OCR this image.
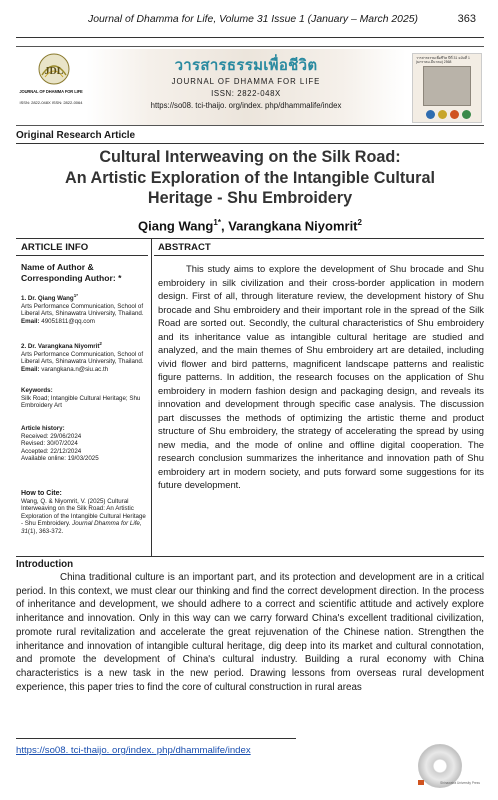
Journal of Dhamma for Life, Volume 31 Issue 1 (January – March 2025)	363
JDL
JOURNAL OF DHAMMA FOR LIFE
ISSN: 2822-048X ISSN: 2822-0064
วารสารธรรมเพื่อชีวิต
JOURNAL OF DHAMMA FOR LIFE
ISSN: 2822-048X
https://so08. tci-thaijo. org/index. php/dhammalife/index
วารสารธรรมเพื่อชีวิต ปีที่ 31 ฉบับที่ 1 (มกราคม-มีนาคม) 2568
Original Research Article
Cultural Interweaving on the Silk Road:
An Artistic Exploration of the Intangible Cultural
Heritage - Shu Embroidery
Qiang Wang$^{1*}$, Varangkana Niyomrit$^2$
ARTICLE INFO	ABSTRACT
Name of Author & Corresponding Author: *
1. Dr. Qiang Wang$^{1*}$
Arts Performance Communication, School of Liberal Arts, Shinawatra University, Thailand.
Email: 49051811@qq.com
2. Dr. Varangkana Niyomrit$^2$
Arts Performance Communication, School of Liberal Arts, Shinawatra University, Thailand.
Email: varangkana.n@siu.ac.th
Keywords:
Silk Road; Intangible Cultural Heritage; Shu Embroidery Art
Article history:
Received: 29/06/2024
Revised: 30/07/2024
Accepted: 22/12/2024
Available online: 19/03/2025
How to Cite:
Wang, Q. & Niyomrit, V. (2025) Cultural Interweaving on the Silk Road: An Artistic Exploration of the Intangible Cultural Heritage - Shu Embroidery. Journal Dhamma for Life, 31(1), 363-372.
This study aims to explore the development of Shu brocade and Shu embroidery in silk civilization and their cross-border application in modern design. First of all, through literature review, the development history of Shu brocade and Shu embroidery and their important role in the spread of the Silk Road are sorted out. Secondly, the cultural characteristics of Shu embroidery and its inheritance value as intangible cultural heritage are studied and analyzed, and the main themes of Shu embroidery art are detailed, including vivid flower and bird patterns, magnificent landscape patterns and realistic figure patterns. In addition, the research focuses on the application of Shu embroidery in modern fashion design and packaging design, and reveals its innovation and development through specific case analysis. The discussion part discusses the methods of optimizing the artistic theme and product structure of Shu embroidery, the strategy of accelerating the spread by using new media, and the mode of online and offline digital cooperation. The research conclusion summarizes the inheritance and innovation path of Shu embroidery art in modern society, and puts forward some suggestions for its future development.
Introduction
China traditional culture is an important part, and its protection and development are in a critical period. In this context, we must clear our thinking and find the correct development direction. In the process of inheritance and development, we should adhere to a correct and scientific attitude and actively explore inheritance and innovation. Only in this way can we carry forward China's excellent traditional civilization, promote rural revitalization and accelerate the great rejuvenation of the Chinese nation. Strengthen the inheritance and innovation of intangible cultural heritage, dig deep into its market and cultural connotation, and promote the development of China's cultural industry. Building a rural economy with China characteristics is a new task in the new period. Drawing lessons from overseas rural development experience, this paper tries to find the core of cultural construction in rural areas
https://so08. tci-thaijo. org/index. php/dhammalife/index
Shinawatra University Press
